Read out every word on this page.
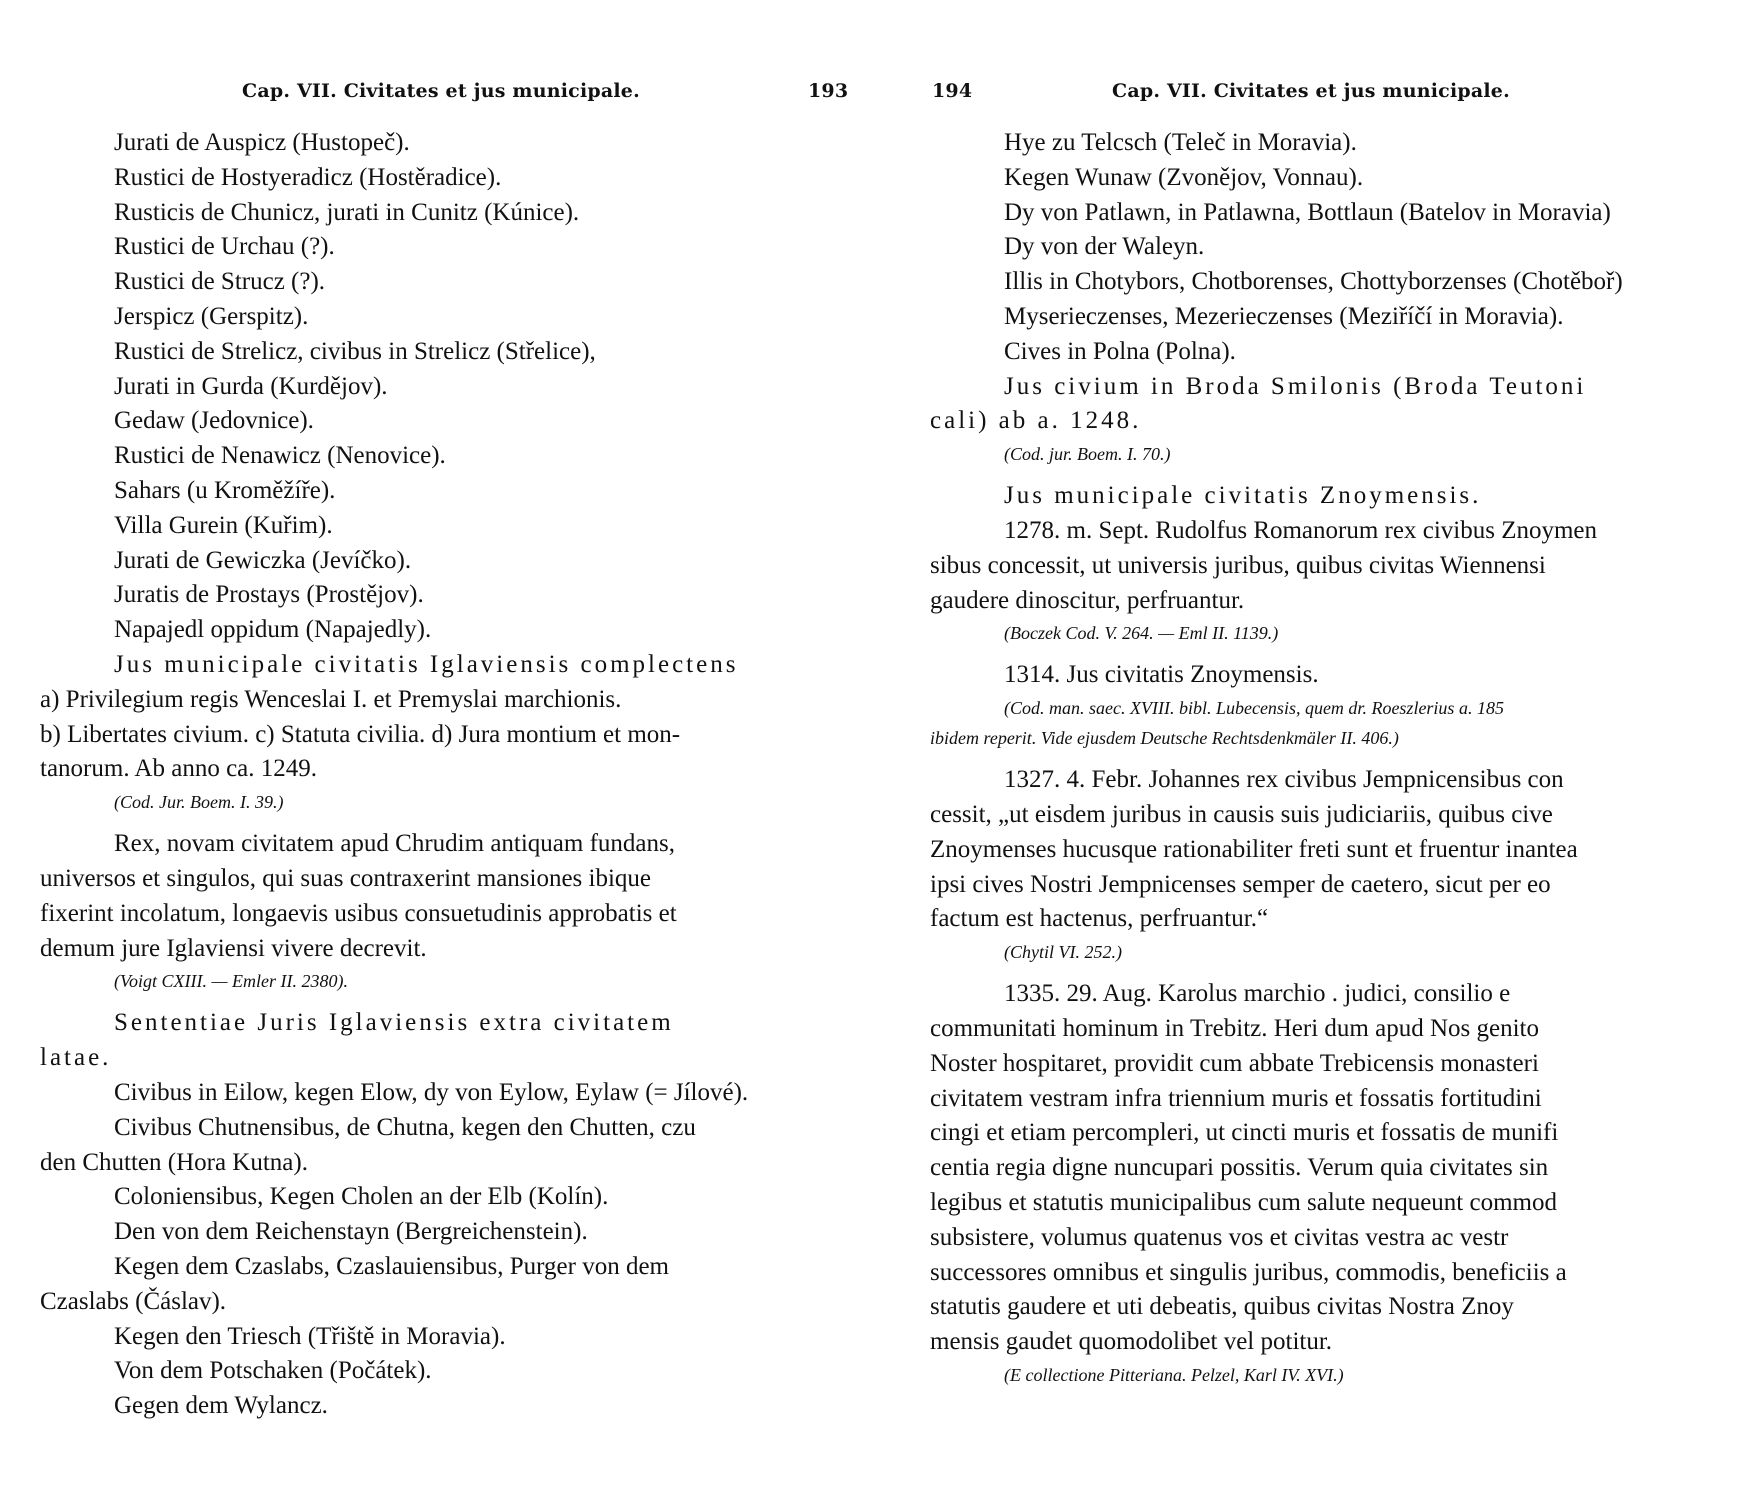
Cap. VII. Civitates et jus municipale.	193
Jurati de Auspicz (Hustopeč).
Rustici de Hostyeradicz (Hostěradice).
Rusticis de Chunicz, jurati in Cunitz (Kúnice).
Rustici de Urchau (?).
Rustici de Strucz (?).
Jerspicz (Gerspitz).
Rustici de Strelicz, civibus in Strelicz (Střelice),
Jurati in Gurda (Kurdějov).
Gedaw (Jedovnice).
Rustici de Nenawicz (Nenovice).
Sahars (u Kroměžíře).
Villa Gurein (Kuřim).
Jurati de Gewiczka (Jevíčko).
Juratis de Prostays (Prostějov).
Napajedl oppidum (Napajedly).
Jus municipale civitatis Iglaviensis complectens
a) Privilegium regis Wenceslai I. et Premyslai marchionis.
b) Libertates civium. c) Statuta civilia. d) Jura montium et mon-
tanorum. Ab anno ca. 1249.
(Cod. Jur. Boem. I. 39.)
Rex, novam civitatem apud Chrudim antiquam fundans,
universos et singulos, qui suas contraxerint mansiones ibique
fixerint incolatum, longaevis usibus consuetudinis approbatis et
demum jure Iglaviensi vivere decrevit.
(Voigt CXIII. — Emler II. 2380).
Sententiae Juris Iglaviensis extra civitatem
latae.
Civibus in Eilow, kegen Elow, dy von Eylow, Eylaw (= Jílové).
Civibus Chutnensibus, de Chutna, kegen den Chutten, czu
den Chutten (Hora Kutna).
Coloniensibus, Kegen Cholen an der Elb (Kolín).
Den von dem Reichenstayn (Bergreichenstein).
Kegen dem Czaslabs, Czaslauiensibus, Purger von dem
Czaslabs (Čáslav).
Kegen den Triesch (Třiště in Moravia).
Von dem Potschaken (Počátek).
Gegen dem Wylancz.
194	Cap. VII. Civitates et jus municipale.
Hye zu Telcsch (Teleč in Moravia).
Kegen Wunaw (Zvonějov, Vonnau).
Dy von Patlawn, in Patlawna, Bottlaun (Batelov in Moravia)
Dy von der Waleyn.
Illis in Chotybors, Chotborenses, Chottyborzenses (Chotěboř)
Myserieczenses, Mezerieczenses (Meziříčí in Moravia).
Cives in Polna (Polna).
Jus civium in Broda Smilonis (Broda Teutoni
cali) ab a. 1248.
(Cod. jur. Boem. I. 70.)
Jus municipale civitatis Znoymensis.
1278. m. Sept. Rudolfus Romanorum rex civibus Znoymen
sibus concessit, ut universis juribus, quibus civitas Wiennensi
gaudere dinoscitur, perfruantur.
(Boczek Cod. V. 264. — Eml II. 1139.)
1314. Jus civitatis Znoymensis.
(Cod. man. saec. XVIII. bibl. Lubecensis, quem dr. Roeszlerius a. 185
ibidem reperit. Vide ejusdem Deutsche Rechtsdenkmäler II. 406.)
1327. 4. Febr. Johannes rex civibus Jempnicensibus con
cessit, „ut eisdem juribus in causis suis judiciariis, quibus cive
Znoymenses hucusque rationabiliter freti sunt et fruentur inantea
ipsi cives Nostri Jempnicenses semper de caetero, sicut per eo
factum est hactenus, perfruantur.“
(Chytil VI. 252.)
1335. 29. Aug. Karolus marchio . judici, consilio e
communitati hominum in Trebitz. Heri dum apud Nos genito
Noster hospitaret, providit cum abbate Trebicensis monasteri
civitatem vestram infra triennium muris et fossatis fortitudini
cingi et etiam percompleri, ut cincti muris et fossatis de munifi
centia regia digne nuncupari possitis. Verum quia civitates sin
legibus et statutis municipalibus cum salute nequeunt commod
subsistere, volumus quatenus vos et civitas vestra ac vestr
successores omnibus et singulis juribus, commodis, beneficiis a
statutis gaudere et uti debeatis, quibus civitas Nostra Znoy
mensis gaudet quomodolibet vel potitur.
(E collectione Pitteriana. Pelzel, Karl IV. XVI.)
